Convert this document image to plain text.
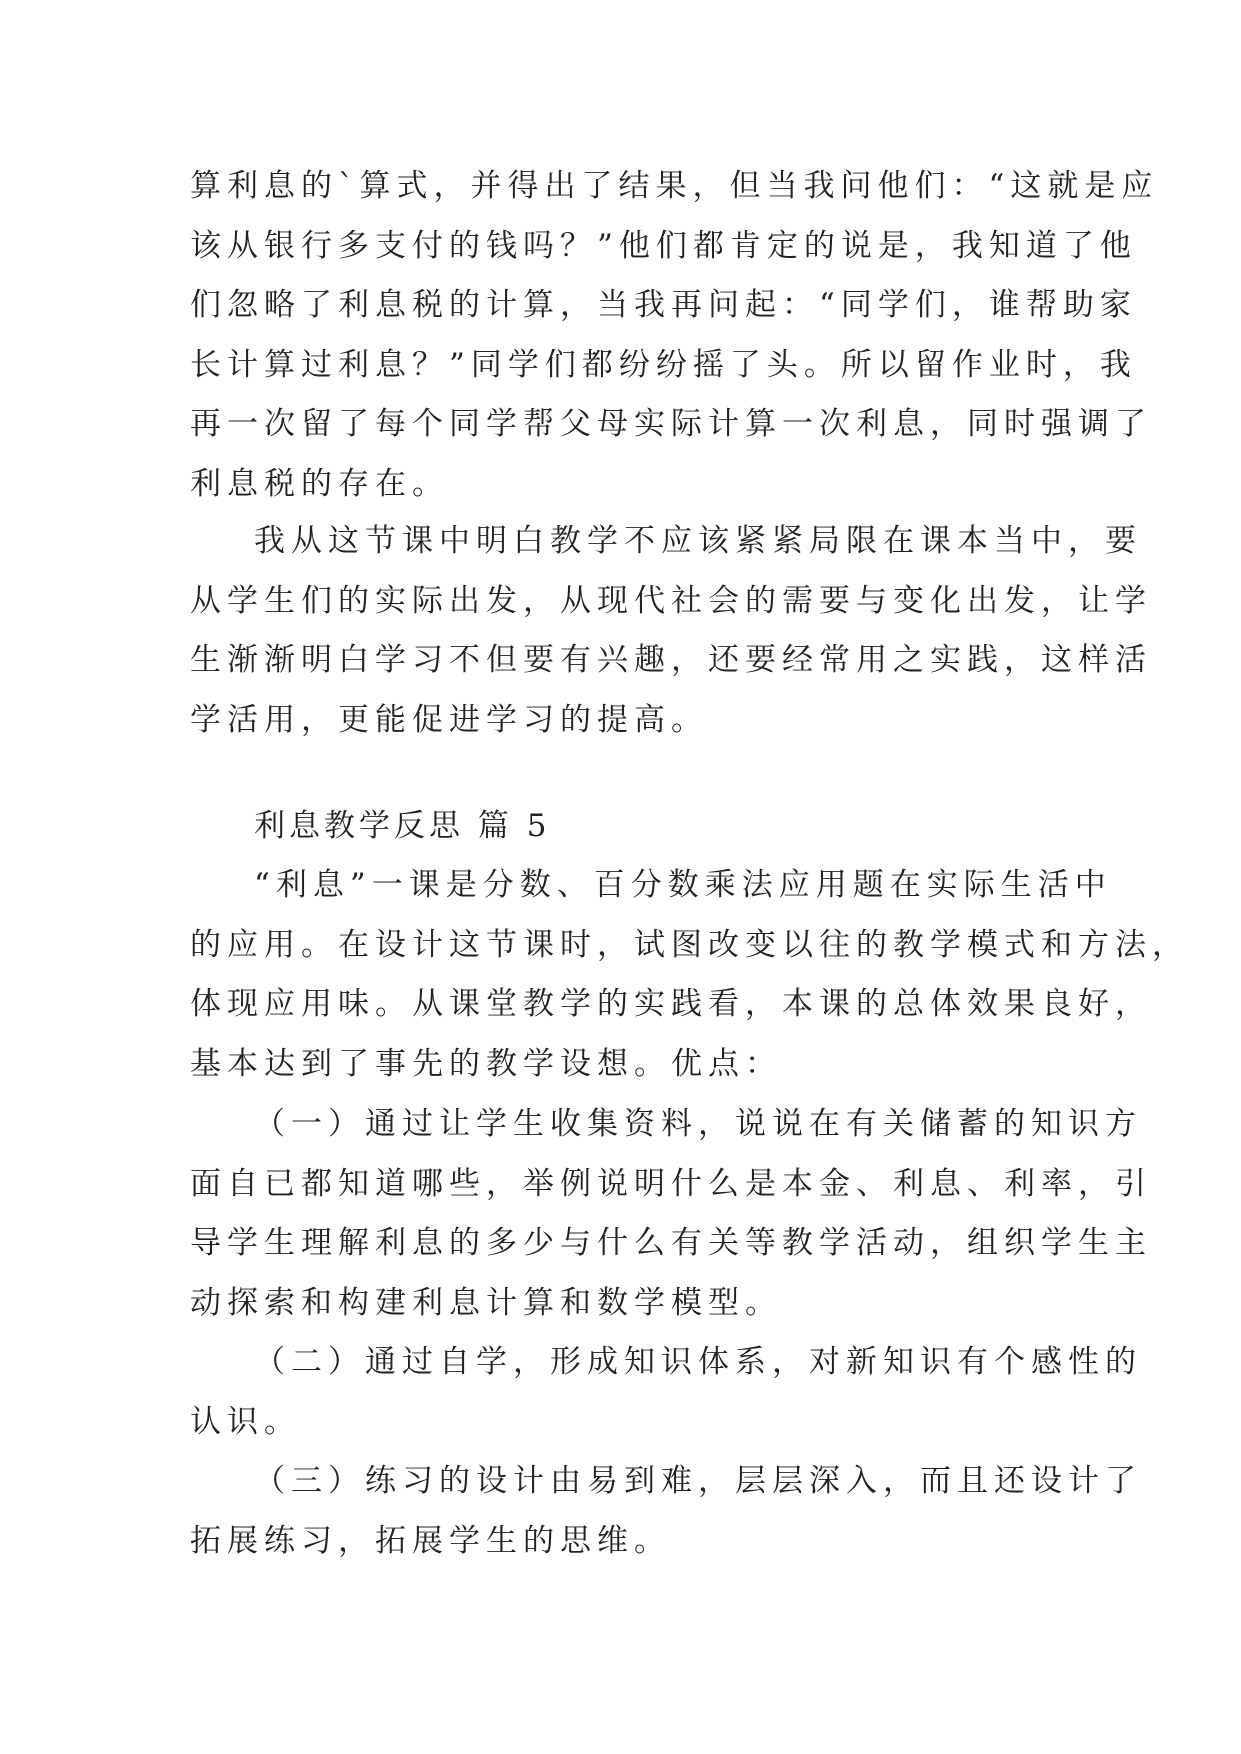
算利息的`算式，并得出了结果，但当我问他们：“这就是应
该从银行多支付的钱吗？”他们都肯定的说是，我知道了他
们忽略了利息税的计算，当我再问起：“同学们，谁帮助家
长计算过利息？”同学们都纷纷摇了头。所以留作业时，我
再一次留了每个同学帮父母实际计算一次利息，同时强调了
利息税的存在。
我从这节课中明白教学不应该紧紧局限在课本当中，要
从学生们的实际出发，从现代社会的需要与变化出发，让学
生渐渐明白学习不但要有兴趣，还要经常用之实践，这样活
学活用，更能促进学习的提高。
利息教学反思 篇 5
“利息”一课是分数、百分数乘法应用题在实际生活中
的应用。在设计这节课时，试图改变以往的教学模式和方法，
体现应用味。从课堂教学的实践看，本课的总体效果良好，
基本达到了事先的教学设想。优点：
（一）通过让学生收集资料，说说在有关储蓄的知识方
面自已都知道哪些，举例说明什么是本金、利息、利率，引
导学生理解利息的多少与什么有关等教学活动，组织学生主
动探索和构建利息计算和数学模型。
（二）通过自学，形成知识体系，对新知识有个感性的
认识。
（三）练习的设计由易到难，层层深入，而且还设计了
拓展练习，拓展学生的思维。
